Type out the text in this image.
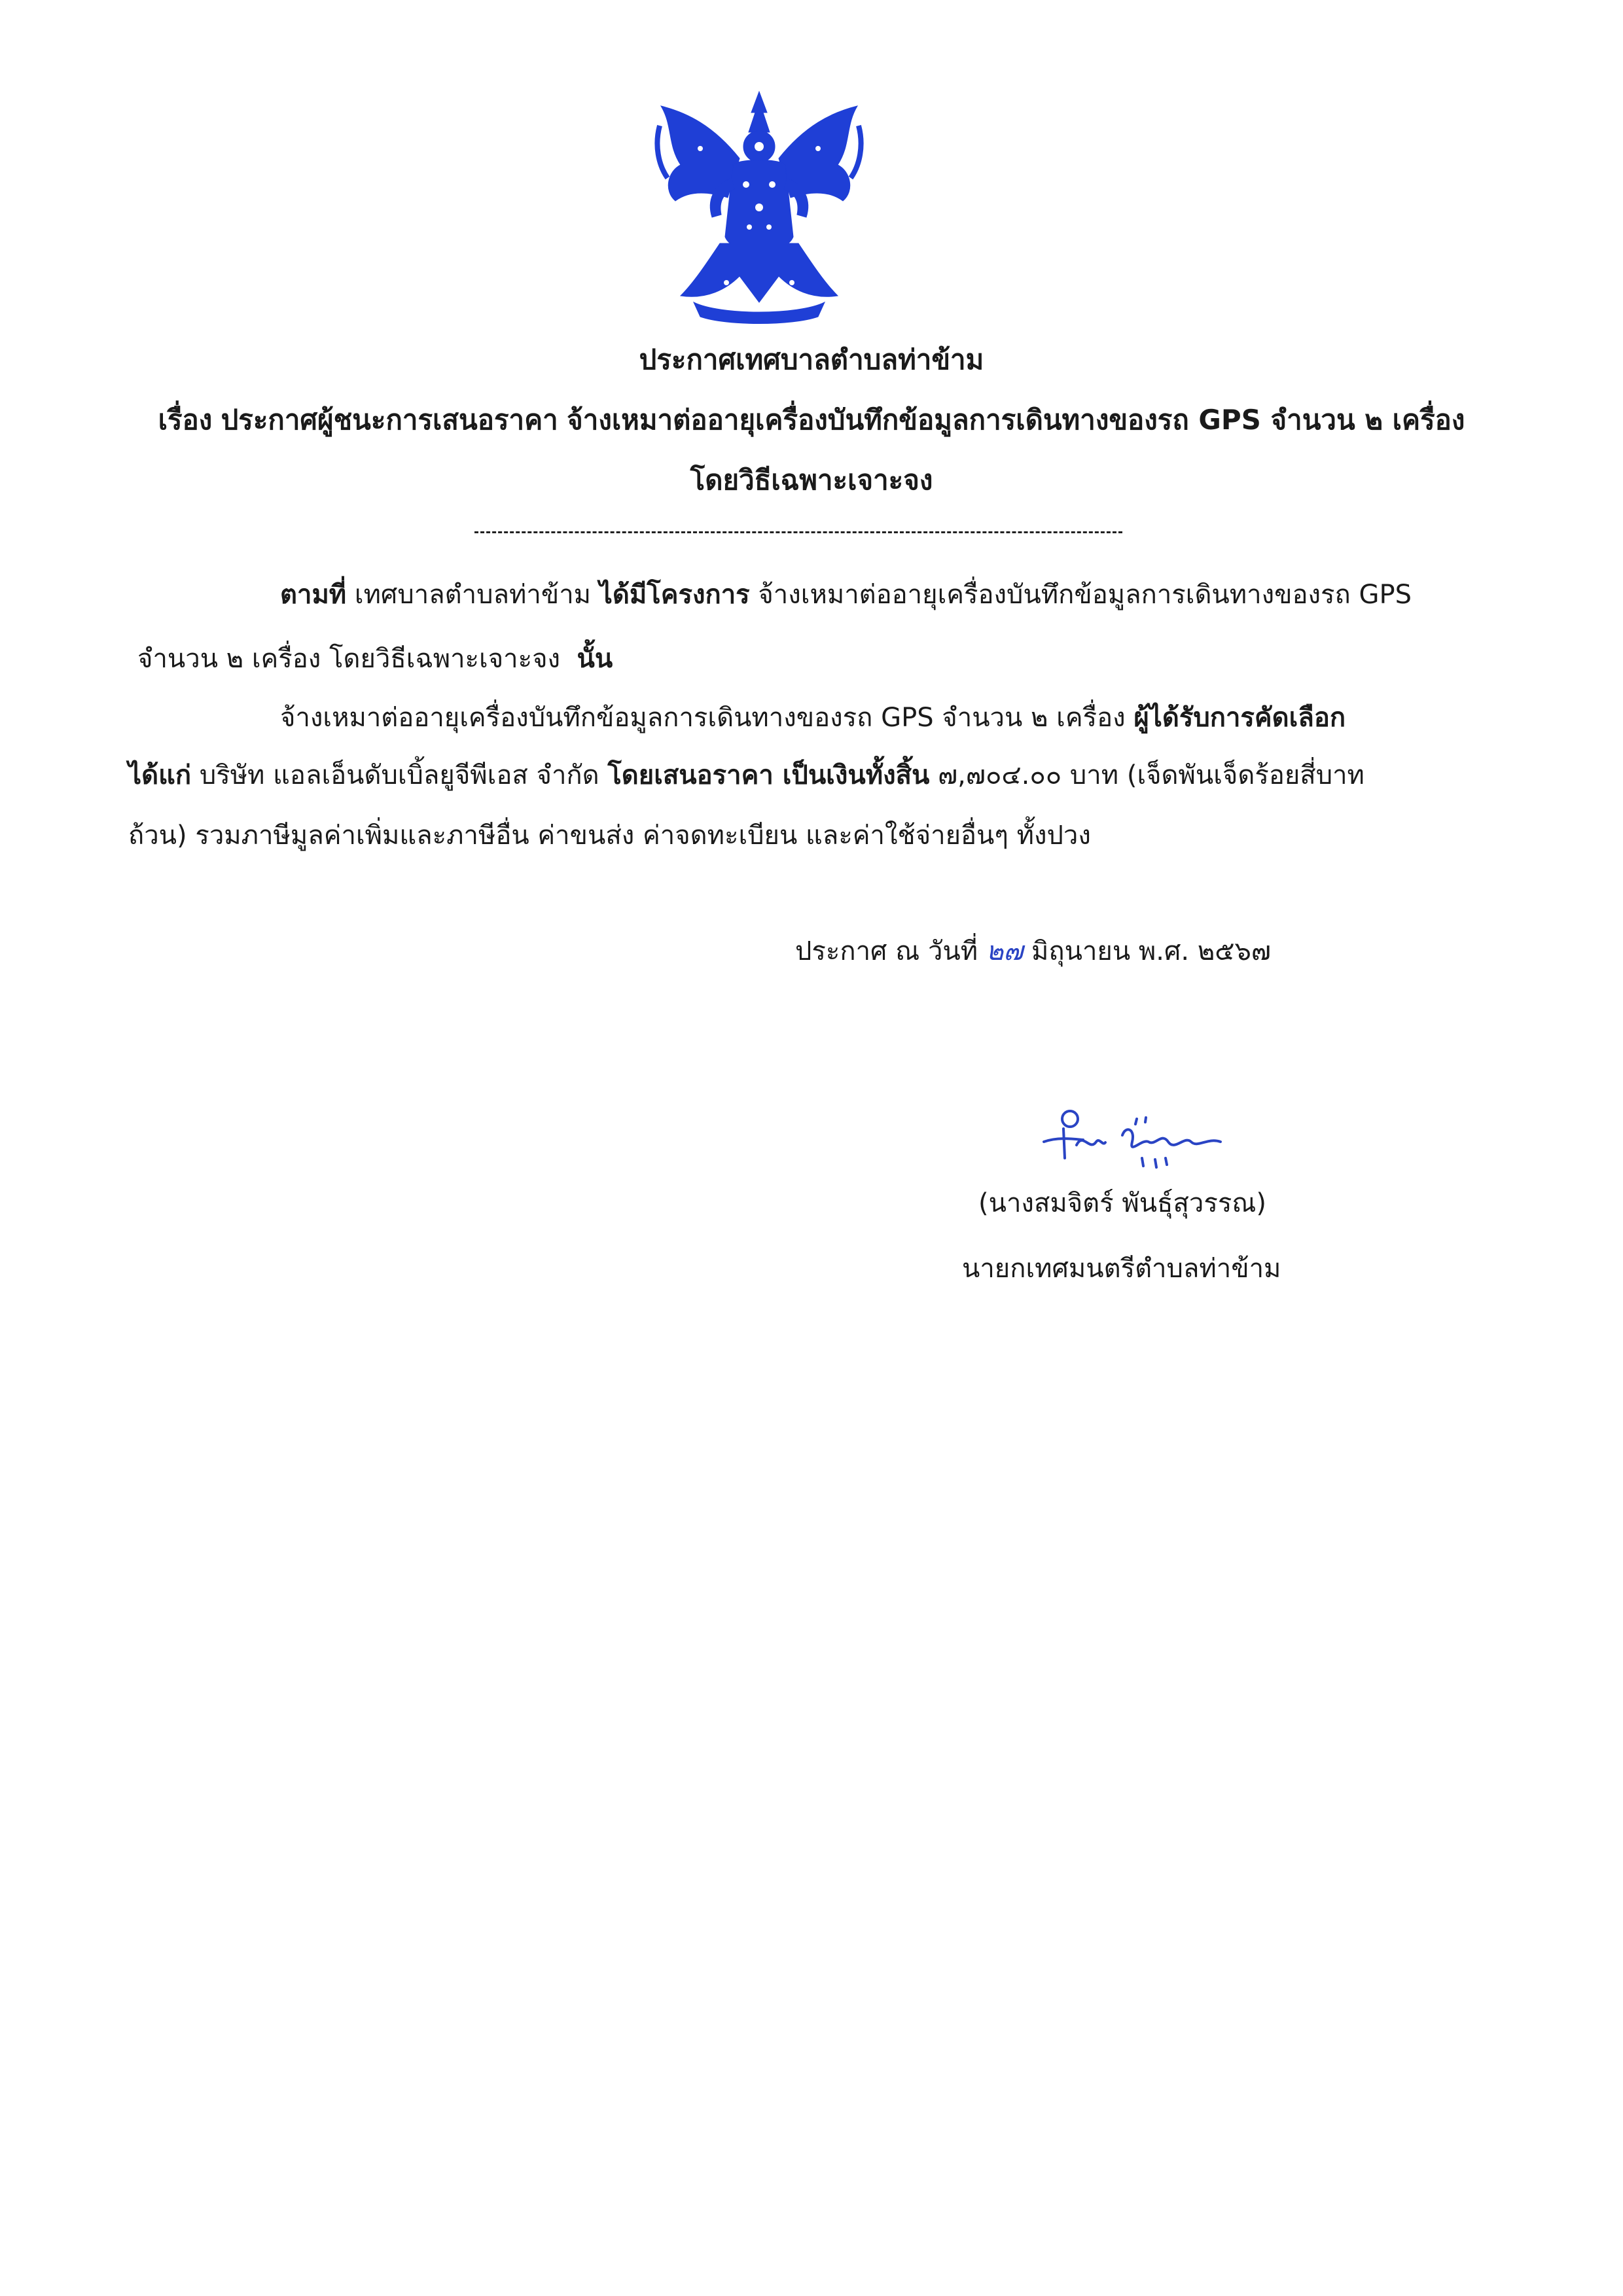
ประกาศเทศบาลตำบลท่าข้าม
เรื่อง ประกาศผู้ชนะการเสนอราคา จ้างเหมาต่ออายุเครื่องบันทึกข้อมูลการเดินทางของรถ GPS จำนวน ๒ เครื่อง
โดยวิธีเฉพาะเจาะจง
ตามที่ เทศบาลตำบลท่าข้าม ได้มีโครงการ จ้างเหมาต่ออายุเครื่องบันทึกข้อมูลการเดินทางของรถ GPS
จำนวน ๒ เครื่อง โดยวิธีเฉพาะเจาะจง นั้น
จ้างเหมาต่ออายุเครื่องบันทึกข้อมูลการเดินทางของรถ GPS จำนวน ๒ เครื่อง ผู้ได้รับการคัดเลือก
ได้แก่ บริษัท แอลเอ็นดับเบิ้ลยูจีพีเอส จำกัด โดยเสนอราคา เป็นเงินทั้งสิ้น ๗,๗๐๔.๐๐ บาท (เจ็ดพันเจ็ดร้อยสี่บาท
ถ้วน) รวมภาษีมูลค่าเพิ่มและภาษีอื่น ค่าขนส่ง ค่าจดทะเบียน และค่าใช้จ่ายอื่นๆ ทั้งปวง
ประกาศ ณ วันที่ ๒๗ มิถุนายน พ.ศ. ๒๕๖๗
(นางสมจิตร์ พันธุ์สุวรรณ)
นายกเทศมนตรีตำบลท่าข้าม
